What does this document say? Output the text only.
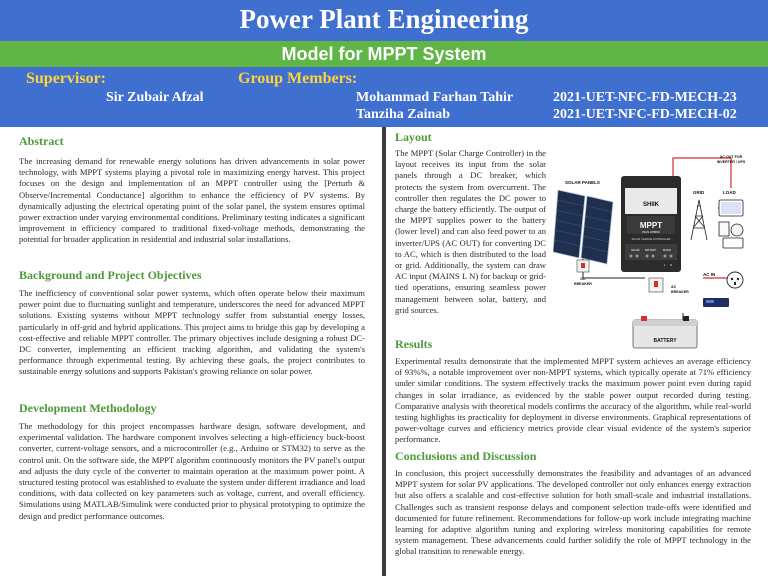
Power Plant Engineering
Model for MPPT System
Supervisor:
Sir Zubair Afzal
Group Members:
Mohammad Farhan Tahir	2021-UET-NFC-FD-MECH-23
Tanziha Zainab	2021-UET-NFC-FD-MECH-02
Abstract

The increasing demand for renewable energy solutions has driven advancements in solar power technology, with MPPT systems playing a pivotal role in maximizing energy harvest. This project focuses on the design and implementation of an MPPT controller using the [Perturb & Observe/Incremental Conductance] algorithm to enhance the efficiency of PV systems. By dynamically adjusting the electrical operating point of the solar panel, the system ensures optimal power extraction under varying environmental conditions. Preliminary testing indicates a significant improvement in efficiency compared to traditional fixed-voltage methods, demonstrating the potential for broader application in residential and industrial solar installations.

Background and Project Objectives

The inefficiency of conventional solar power systems, which often operate below their maximum power point due to fluctuating sunlight and temperature, underscores the need for advanced MPPT solutions. Existing systems without MPPT technology suffer from substantial energy losses, particularly in off-grid and hybrid applications. This project aims to bridge this gap by developing a cost-effective and reliable MPPT controller. The primary objectives include designing a robust DC-DC converter, implementing an efficient tracking algorithm, and validating the system's performance through experimental testing. By achieving these goals, the project contributes to sustainable energy solutions and supports Pakistan's growing reliance on solar power.

Development Methodology

The methodology for this project encompasses hardware design, software development, and experimental validation. The hardware component involves selecting a high-efficiency buck-boost converter, current-voltage sensors, and a microcontroller (e.g., Arduino or STM32) to serve as the control unit. On the software side, the MPPT algorithm continuously monitors the PV panel's output and adjusts the duty cycle of the converter to maintain operation at the maximum power point. A structured testing protocol was established to evaluate the system under different irradiance and load conditions, with data collected on key parameters such as voltage, current, and overall efficiency. Simulations using MATLAB/Simulink were conducted prior to physical prototyping to optimize the design and predict performance outcomes.

Layout

The MPPT (Solar Charge Controller) in the layout receives its input from the solar panels through a DC breaker, which protects the system from overcurrent. The controller then regulates the DC power to charge the battery efficiently. The output of the MPPT supplies power to the battery (lower level) and can also feed power to an inverter/UPS (AC OUT) for converting DC to AC, which is then distributed to the load or grid. Additionally, the system can draw AC input (MAINS L N) for backup or grid-tied operations, ensuring seamless power management between solar, battery, and grid sources.

SOLAR PANELS
SHIIK
MPPT
PLUS HYBRID
SOLAR CHARGE CONTROLLER
SOLAR BATTERY	MAINS
L N
AC OUT FOR
INVERTER / UPS
GRID	LOAD
AC IN
DC
BREAKER
AC
BREAKER
BATTERY
Results

Experimental results demonstrate that the implemented MPPT system achieves an average efficiency of 93%%, a notable improvement over non-MPPT systems, which typically operate at 71% efficiency under similar conditions. The system effectively tracks the maximum power point even during rapid changes in solar irradiance, as evidenced by the stable power output recorded during testing. Comparative analysis with theoretical models confirms the accuracy of the algorithm, while real-world testing highlights its practicality for deployment in diverse environments. Graphical representations of power-voltage curves and efficiency metrics provide clear visual evidence of the system's superior performance.

Conclusions and Discussion

In conclusion, this project successfully demonstrates the feasibility and advantages of an advanced MPPT system for solar PV applications. The developed controller not only enhances energy extraction but also offers a scalable and cost-effective solution for both small-scale and industrial installations. Challenges such as transient response delays and component selection trade-offs were identified and documented for future refinement. Recommendations for follow-up work include integrating machine learning for adaptive algorithm tuning and exploring wireless monitoring capabilities for remote system management. These advancements could further solidify the role of MPPT technology in the global transition to renewable energy.
